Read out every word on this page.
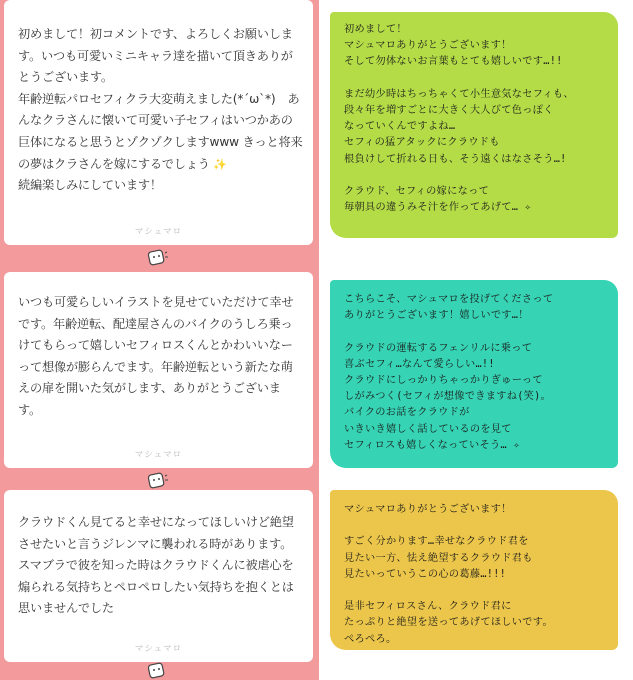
初めまして！初コメントです、よろしくお願いします。いつも可愛いミニキャラ達を描いて頂きありがとうございます。
年齢逆転パロセフィクラ大変萌えました(*´ω`*)　あんなクラさんに懐いて可愛い子セフィはいつかあの巨体になると思うとゾクゾクしますwww きっと将来の夢はクラさんを嫁にするでしょう ✨
続編楽しみにしています！
マシュマロ
いつも可愛らしいイラストを見せていただけて幸せです。年齢逆転、配達屋さんのバイクのうしろ乗っけてもらって嬉しいセフィロスくんとかわいいなーって想像が膨らんでます。年齢逆転という新たな萌えの扉を開いた気がします、ありがとうございます。
マシュマロ
クラウドくん見てると幸せになってほしいけど絶望させたいと言うジレンマに襲われる時があります。スマブラで彼を知った時はクラウドくんに被虐心を煽られる気持ちとペロペロしたい気持ちを抱くとは思いませんでした
マシュマロ
初めまして！
マシュマロありがとうございます！
そして勿体ないお言葉もとても嬉しいです…!!

まだ幼少時はちっちゃくて小生意気なセフィも、
段々年を増すごとに大きく大人びて色っぽく
なっていくんですよね…
セフィの猛アタックにクラウドも
根負けして折れる日も、そう遠くはなさそう…!

クラウド、セフィの嫁になって
毎朝具の違うみそ汁を作ってあげて… ✧
こちらこそ、マシュマロを投げてくださって
ありがとうございます！嬉しいです…！

クラウドの運転するフェンリルに乗って
喜ぶセフィ…なんて愛らしい…!!
クラウドにしっかりちゃっかりぎゅーって
しがみつく(セフィが想像できますね(笑)。
バイクのお話をクラウドが
いきいき嬉しく話しているのを見て
セフィロスも嬉しくなっていそう… ✧
マシュマロありがとうございます！

すごく分かります…幸せなクラウド君を
見たい一方、怯え絶望するクラウド君も
見たいっていうこの心の葛藤…!!!

是非セフィロスさん、クラウド君に
たっぷりと絶望を送ってあげてほしいです。
ぺろぺろ。
